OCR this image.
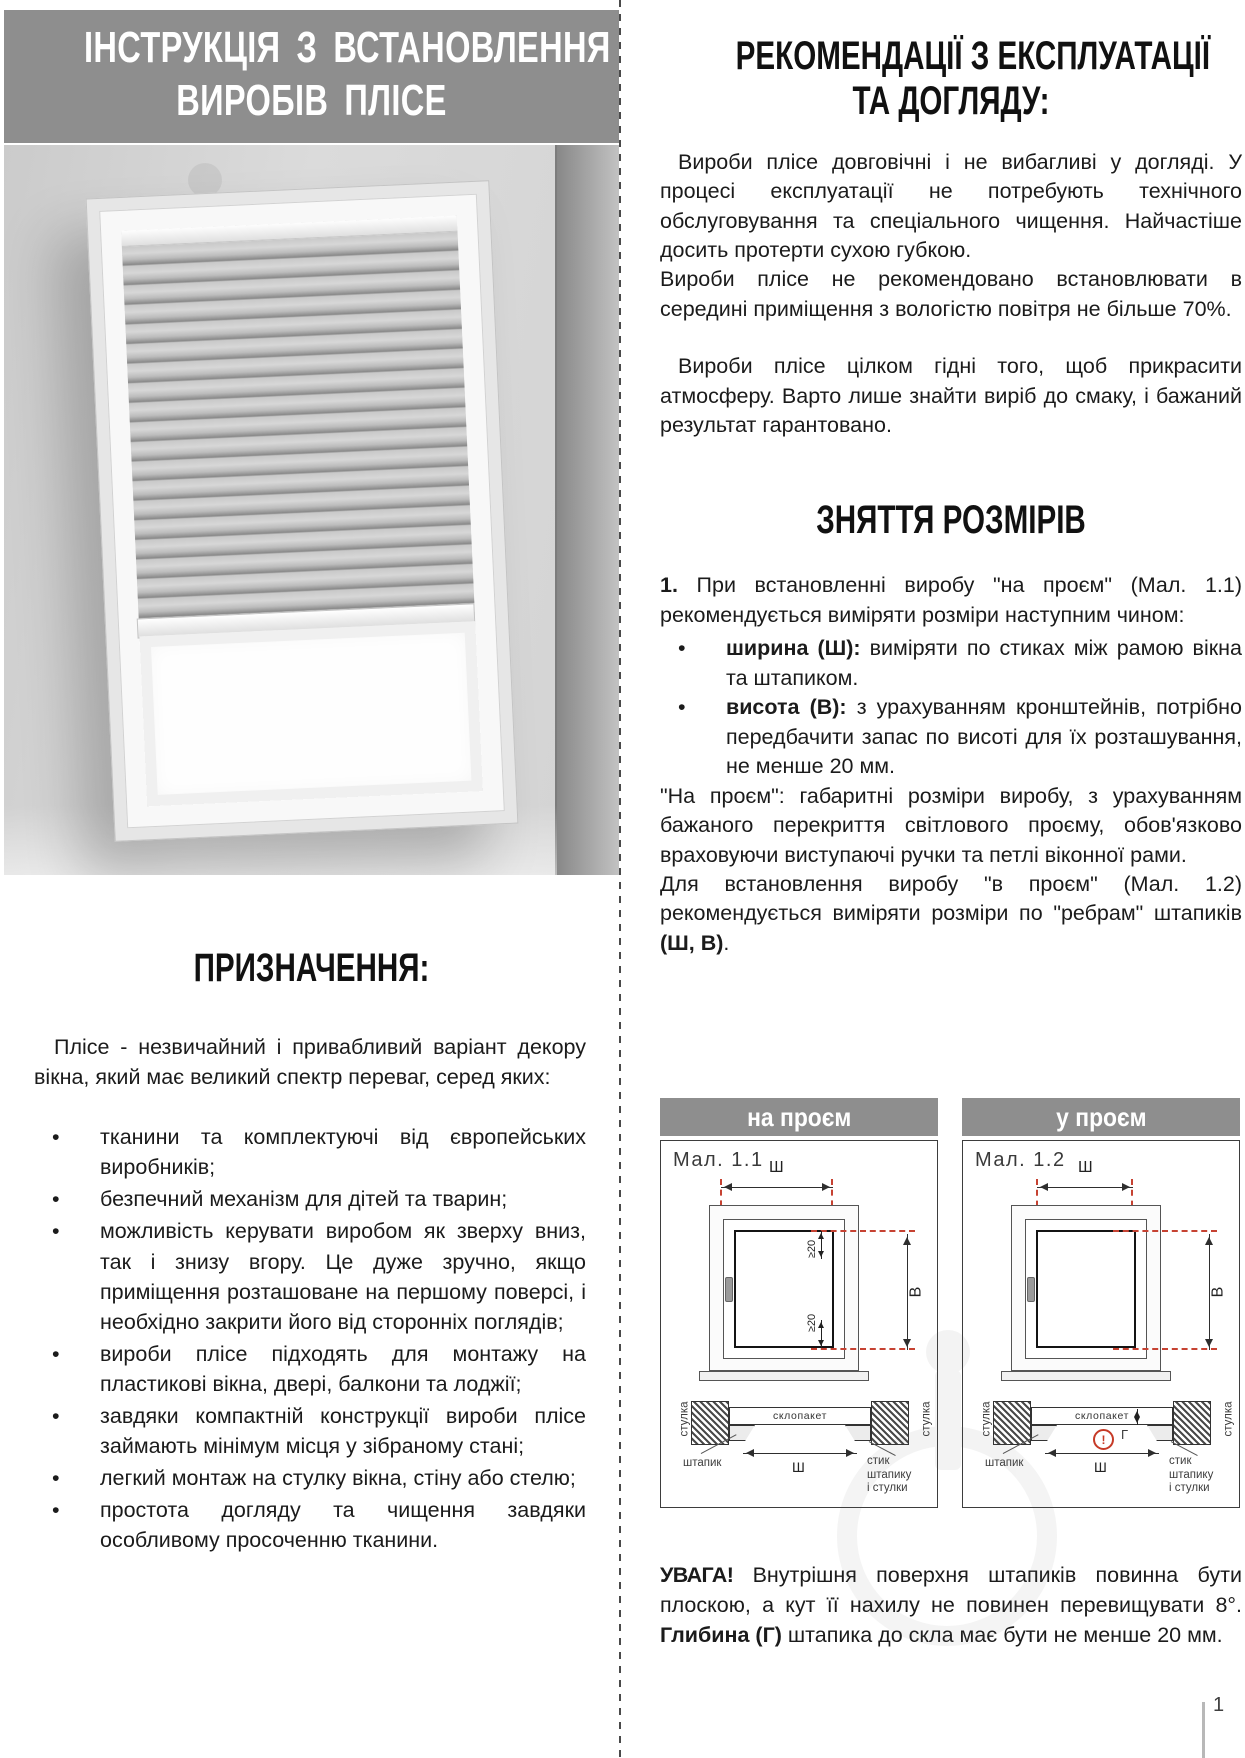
ІНСТРУКЦІЯ З ВСТАНОВЛЕННЯ
ВИРОБІВ ПЛІСЕ
ПРИЗНАЧЕННЯ:

Плісе - незвичайний і привабливий варіант декору вікна, який має великий спектр переваг, серед яких:

• тканини та комплектуючі від європейських виробників;
• безпечний механізм для дітей та тварин;
• можливість керувати виробом як зверху вниз, так і знизу вгору. Це дуже зручно, якщо приміщення розташоване на першому поверсі, і необхідно закрити його від сторонніх поглядів;
• вироби плісе підходять для монтажу на пластикові вікна, двері, балкони та лоджії;
• завдяки компактній конструкції вироби плісе займають мінімум місця у зібраному стані;
• легкий монтаж на стулку вікна, стіну або стелю;
• простота догляду та чищення завдяки особливому просоченню тканини.
РЕКОМЕНДАЦІЇ З ЕКСПЛУАТАЦІЇ
ТА ДОГЛЯДУ:

Вироби плісе довговічні і не вибагливі у догляді. У процесі експлуатації не потребують технічного обслуговування та спеціального чищення. Найчастіше досить протерти сухою губкою.

Вироби плісе не рекомендовано встановлювати в середині приміщення з вологістю повітря не більше 70%.

Вироби плісе цілком гідні того, щоб прикрасити атмосферу. Варто лише знайти виріб до смаку, і бажаний результат гарантовано.

ЗНЯТТЯ РОЗМІРІВ

1. При встановленні виробу "на проєм" (Мал. 1.1) рекомендується виміряти розміри наступним чином:

• ширина (Ш): виміряти по стиках між рамою вікна та штапиком.
• висота (В): з урахуванням кронштейнів, потрібно передбачити запас по висоті для їх розташування, не менше 20 мм.

"На проєм": габаритні розміри виробу, з урахуванням бажаного перекриття світлового проєму, обов'язково враховуючи виступаючі ручки та петлі віконної рами.

Для встановлення виробу "в проєм" (Мал. 1.2) рекомендується виміряти розміри по "ребрам" штапиків (Ш, В).

на проєм
Мал. 1.1 Ш
В
≥20
≥20
стулка	стулка
склопакет
Ш
штапик	стик
штапику
і стулки
у проєм
Мал. 1.2 Ш
В
стулка	стулка
склопакет
! Г
Ш
штапик	стик
штапику
і стулки

УВАГА! Внутрішня поверхня штапиків повинна бути плоскою, а кут її нахилу не повинен перевищувати 8°. Глибина (Г) штапика до скла має бути не менше 20 мм.

1
